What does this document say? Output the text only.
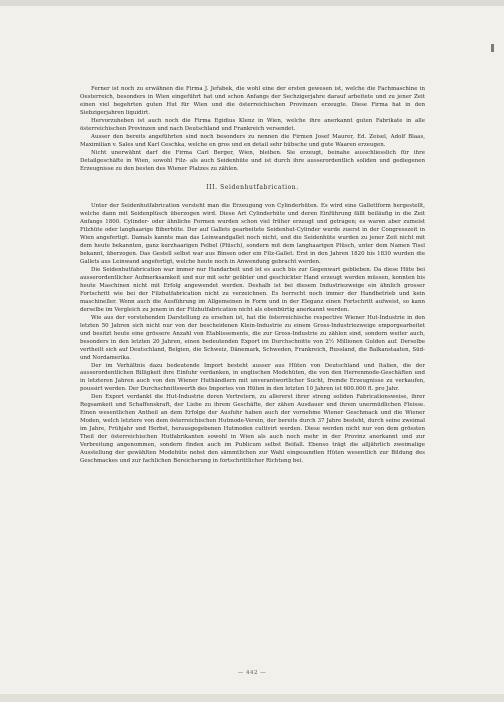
Ferner ist noch zu erwähnen die Firma J. Jeřabek, die wohl eine der ersten gewesen ist, welche die Fachmaschine in Oesterreich, besonders in Wien eingeführt hat und schon Anfangs der Sechzigerjahre darauf arbeitete und zu jener Zeit einen viel begehrten guten Hut für Wien und die österreichischen Provinzen erzeugte. Diese Firma hat in den Siebzigerjahren liquidirt.

Hervorzuheben ist auch noch die Firma Egidius Klenz in Wien, welche ihre anerkannt guten Fabrikate in alle österreichischen Provinzen und nach Deutschland und Frankreich versendet.

Ausser den bereits angeführten sind noch besonders zu nennen die Firmen Josef Maurer, Ed. Zeisel, Adolf Blaas, Maximilian v. Sales und Karl Ceschka, welche en gros und en detail sehr hübsche und gute Waaren erzeugen.

Nicht unerwähnt darf die Firma Carl Berger, Wien, bleiben. Sie erzeugt, beinahe ausschliesslich für ihre Detailgeschäfte in Wien, sowohl Filz- als auch Seidenhüte und ist durch ihre ausserordentlich soliden und gediegenen Erzeugnisse zu den besten des Wiener Platzes zu zählen.

III. Seidenhutfabrication.

Unter der Seidenhutfabrication versteht man die Erzeugung von Cylinderhüten. Es wird eine Gallettform hergestellt, welche dann mit Seidenplüsch überzogen wird. Diese Art Cylinderhüte und deren Einführung fällt beiläufig in die Zeit Anfangs 1800. Cylinder- oder ähnliche Formen wurden schon viel früher erzeugt und getragen; es waren aber zumeist Filzhüte oder langhaarige Biberhüte. Der auf Gallets gearbeitete Seidenhut-Cylinder wurde zuerst in der Congresszeit in Wien angefertigt. Damals kannte man das Leinwandgallet noch nicht, und die Seidenhüte wurden zu jener Zeit nicht mit dem heute bekannten, ganz kurzhaarigen Felbel (Plüsch), sondern mit dem langhaarigen Plüsch, unter dem Namen Tissl bekannt, überzogen. Das Gestell selbst war aus Binsen oder ein Filz-Gallet. Erst in den Jahren 1820 bis 1830 wurden die Gallets aus Leinwand angefertigt, welche heute noch in Anwendung gebracht werden.

Die Seidenhutfabrication war immer nur Handarbeit und ist es auch bis zur Gegenwart geblieben. Da diese Hüte bei ausserordentlicher Aufmerksamkeit und nur mit sehr geübter und geschickter Hand erzeugt werden müssen, konnten bis heute Maschinen nicht mit Erfolg angewendet werden. Deshalb ist bei diesem Industriezweige ein ähnlich grosser Fortschritt wie bei der Filzhutfabrication nicht zu verzeichnen. Es herrscht noch immer der Handbetrieb und kein maschineller. Wenn auch die Ausführung im Allgemeinen in Form und in der Eleganz einen Fortschritt aufweist, so kann derselbe im Vergleich zu jenem in der Filzhutfabrication nicht als ebenbürtig anerkannt werden.

Wie aus der vorstehenden Darstellung zu ersehen ist, hat die österreichische respective Wiener Hut-Industrie in den letzten 50 Jahren sich nicht nur von der bescheidenen Klein-Industrie zu einem Gross-Industriezweige emporgearbeitet und besitzt heute eine grössere Anzahl von Etablissements, die zur Gross-Industrie zu zählen sind, sondern weiter auch, besonders in den letzten 20 Jahren, einen bedeutenden Export im Durchschnitte von 2½ Millionen Gulden auf. Derselbe vertheilt sich auf Deutschland, Belgien, die Schweiz, Dänemark, Schweden, Frankreich, Russland, die Balkanstaaten, Süd- und Nordamerika.

Der im Verhältnis dazu bedeutende Import besteht ausser aus Hüten von Deutschland und Italien, die der ausserordentlichen Billigkeit ihre Einfuhr verdanken, in englischen Modehüten, die von den Herrenmode-Geschäften und in letzteren Jahren auch von den Wiener Huthändlern mit unverantwortlicher Sucht, fremde Erzeugnisse zu verkaufen, poussirt werden. Der Durchschnittswerth des Importes von Hüten in den letzten 10 Jahren ist 600.000 fl. pro Jahr.

Den Export verdankt die Hut-Industrie deren Vertretern, zu allererst ihrer streng soliden Fabricationsweise, ihrer Regsamkeit und Schaffenskraft, der Liebe zu ihrem Geschäfte, der zähen Ausdauer und ihrem unermüdlichen Fleisse. Einen wesentlichen Antheil an dem Erfolge der Ausfuhr haben auch der vornehme Wiener Geschmack und die Wiener Moden, welch letztere von dem österreichischen Hutmode-Verein, der bereits durch 37 Jahre besteht, durch seine zweimal im Jahre, Frühjahr und Herbst, herausgegebenen Hutmoden cultivirt werden. Diese werden nicht nur von dem grössten Theil der österreichischen Hutfabrikanten sowohl in Wien als auch noch mehr in der Provinz anerkannt und zur Verbreitung angenommen, sondern finden auch im Publicum selbst Beifall. Ebenso trägt die alljährlich zweimalige Ausstellung der gewählten Modehüte nebst den sämmtlichen zur Wahl eingesandten Hüten wesentlich zur Bildung des Geschmackes und zur fachlichen Bereicherung in fortschrittlicher Richtung bei.

— 442 —
